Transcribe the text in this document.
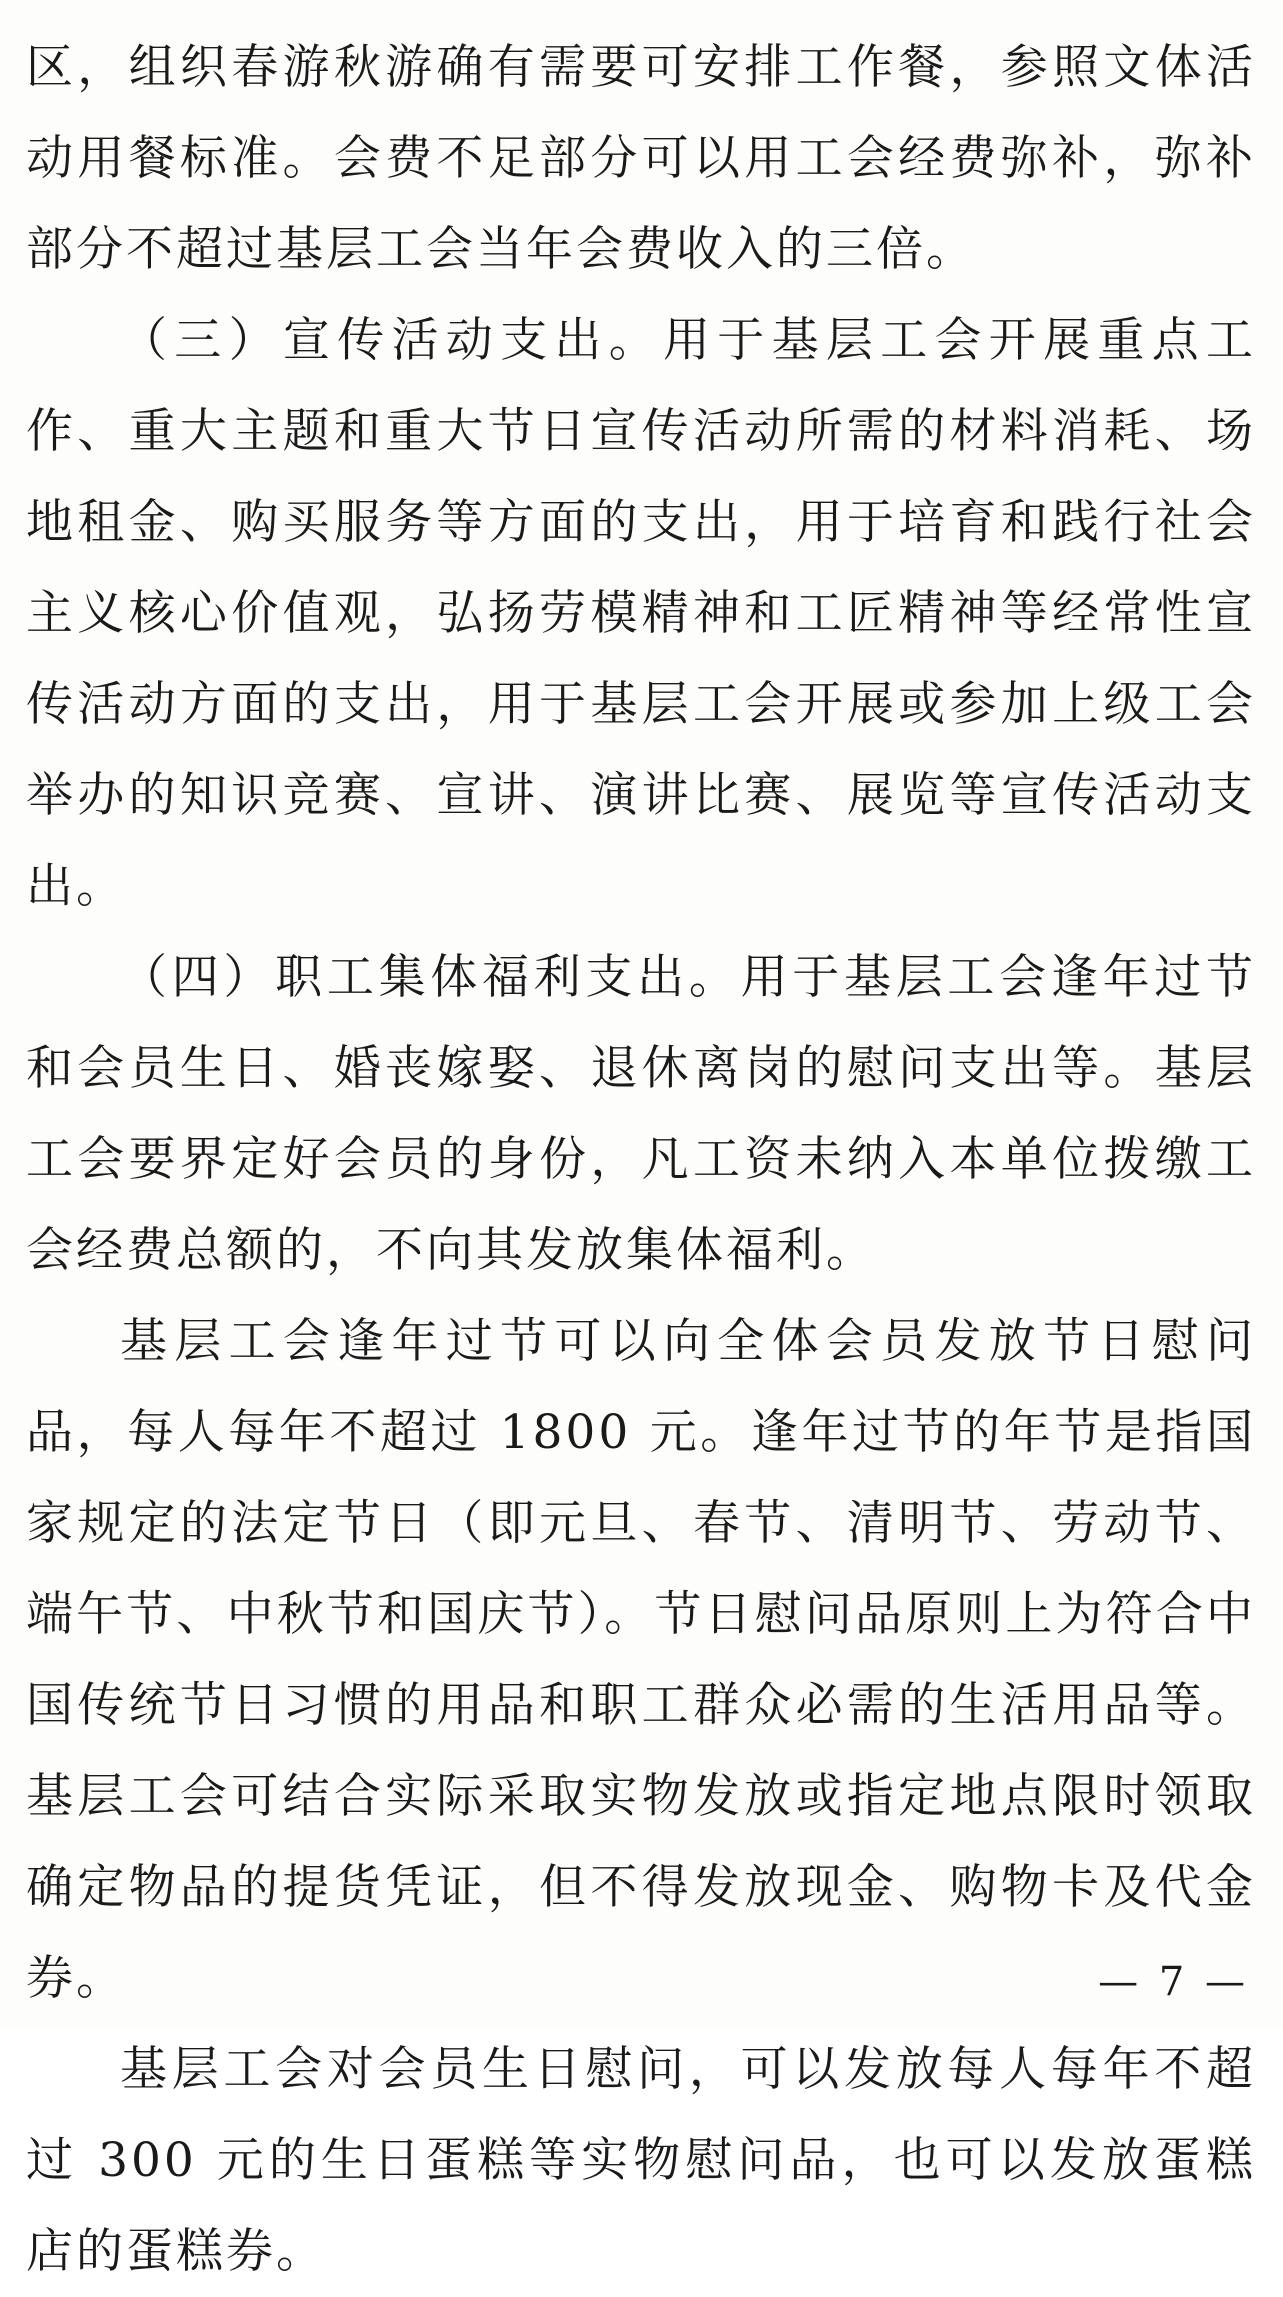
区，组织春游秋游确有需要可安排工作餐，参照文体活动用餐标准。会费不足部分可以用工会经费弥补，弥补部分不超过基层工会当年会费收入的三倍。

（三）宣传活动支出。用于基层工会开展重点工作、重大主题和重大节日宣传活动所需的材料消耗、场地租金、购买服务等方面的支出，用于培育和践行社会主义核心价值观，弘扬劳模精神和工匠精神等经常性宣传活动方面的支出，用于基层工会开展或参加上级工会举办的知识竞赛、宣讲、演讲比赛、展览等宣传活动支出。

（四）职工集体福利支出。用于基层工会逢年过节和会员生日、婚丧嫁娶、退休离岗的慰问支出等。基层工会要界定好会员的身份，凡工资未纳入本单位拨缴工会经费总额的，不向其发放集体福利。

基层工会逢年过节可以向全体会员发放节日慰问品，每人每年不超过 1800 元。逢年过节的年节是指国家规定的法定节日（即元旦、春节、清明节、劳动节、端午节、中秋节和国庆节）。节日慰问品原则上为符合中国传统节日习惯的用品和职工群众必需的生活用品等。基层工会可结合实际采取实物发放或指定地点限时领取确定物品的提货凭证，但不得发放现金、购物卡及代金券。

基层工会对会员生日慰问，可以发放每人每年不超过 300 元的生日蛋糕等实物慰问品，也可以发放蛋糕店的蛋糕券。

— 7 —
